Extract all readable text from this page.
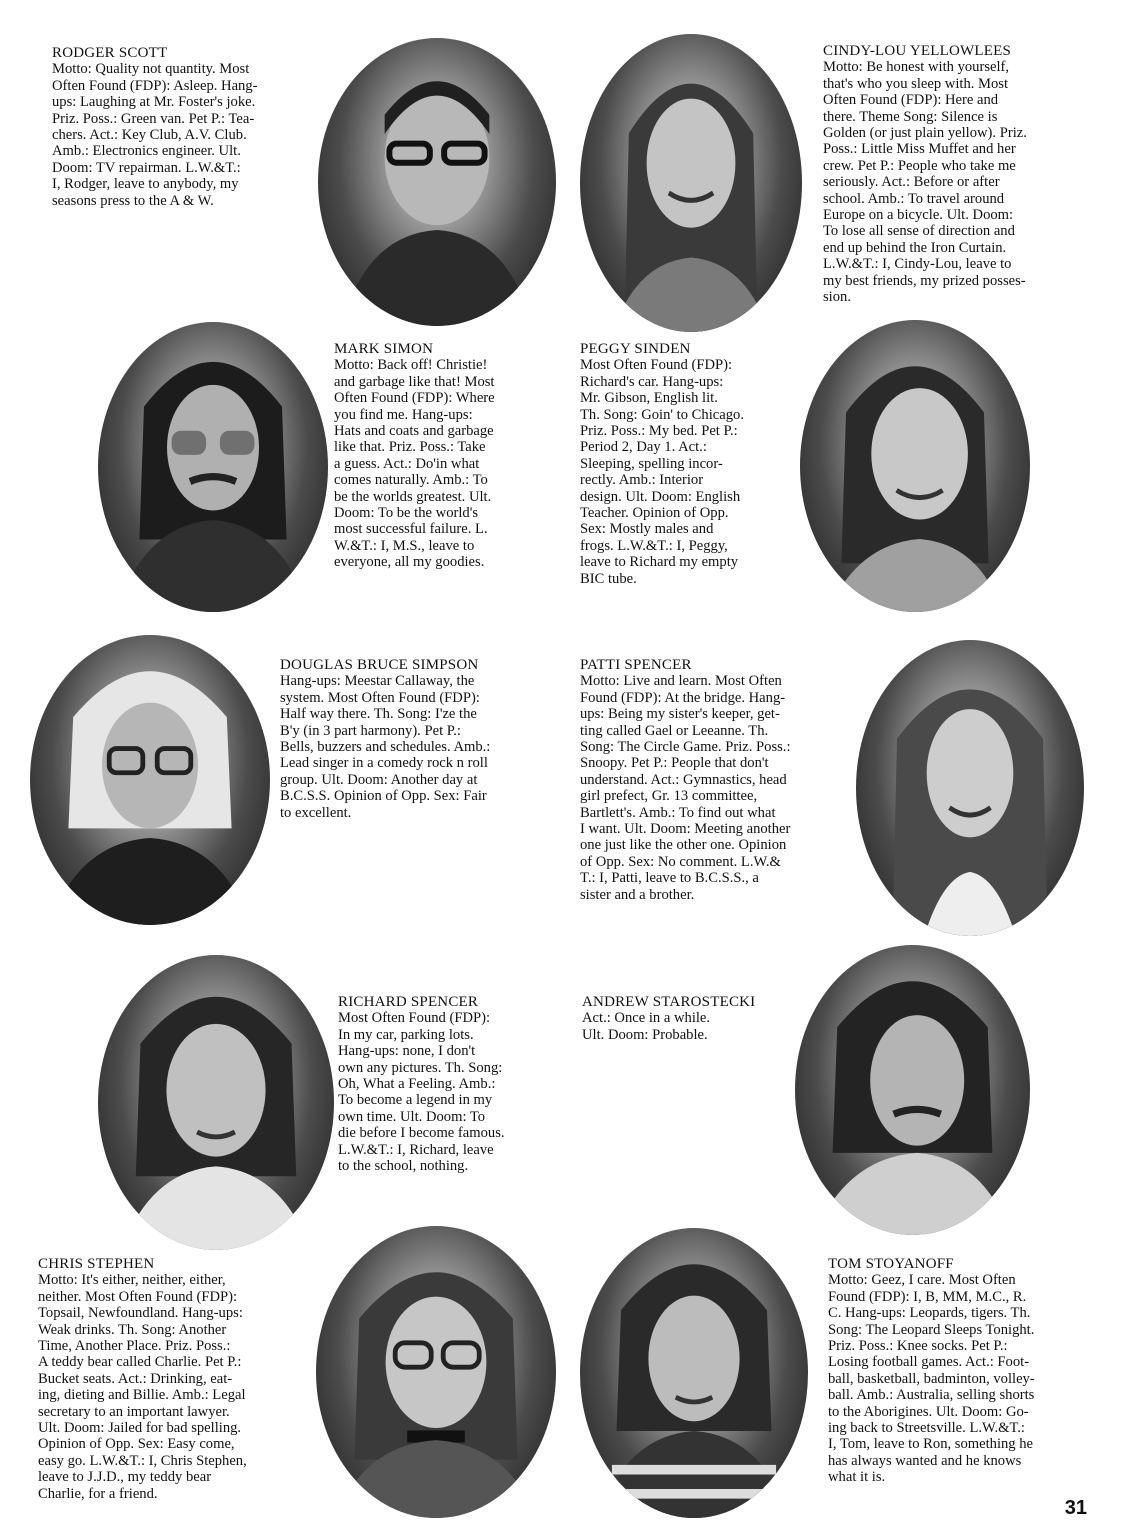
RODGER SCOTT
Motto: Quality not quantity. Most
Often Found (FDP): Asleep. Hang-
ups: Laughing at Mr. Foster's joke.
Priz. Poss.: Green van. Pet P.: Tea-
chers. Act.: Key Club, A.V. Club.
Amb.: Electronics engineer. Ult.
Doom: TV repairman. L.W.&T.:
I, Rodger, leave to anybody, my
seasons press to the A & W.
CINDY-LOU YELLOWLEES
Motto: Be honest with yourself,
that's who you sleep with. Most
Often Found (FDP): Here and
there. Theme Song: Silence is
Golden (or just plain yellow). Priz.
Poss.: Little Miss Muffet and her
crew. Pet P.: People who take me
seriously. Act.: Before or after
school. Amb.: To travel around
Europe on a bicycle. Ult. Doom:
To lose all sense of direction and
end up behind the Iron Curtain.
L.W.&T.: I, Cindy-Lou, leave to
my best friends, my prized posses-
sion.
MARK SIMON
Motto: Back off! Christie!
and garbage like that! Most
Often Found (FDP): Where
you find me. Hang-ups:
Hats and coats and garbage
like that. Priz. Poss.: Take
a guess. Act.: Do'in what
comes naturally. Amb.: To
be the worlds greatest. Ult.
Doom: To be the world's
most successful failure. L.
W.&T.: I, M.S., leave to
everyone, all my goodies.
PEGGY SINDEN
Most Often Found (FDP):
Richard's car. Hang-ups:
Mr. Gibson, English lit.
Th. Song: Goin' to Chicago.
Priz. Poss.: My bed. Pet P.:
Period 2, Day 1. Act.:
Sleeping, spelling incor-
rectly. Amb.: Interior
design. Ult. Doom: English
Teacher. Opinion of Opp.
Sex: Mostly males and
frogs. L.W.&T.: I, Peggy,
leave to Richard my empty
BIC tube.
DOUGLAS BRUCE SIMPSON
Hang-ups: Meestar Callaway, the
system. Most Often Found (FDP):
Half way there. Th. Song: I'ze the
B'y (in 3 part harmony). Pet P.:
Bells, buzzers and schedules. Amb.:
Lead singer in a comedy rock n roll
group. Ult. Doom: Another day at
B.C.S.S. Opinion of Opp. Sex: Fair
to excellent.
PATTI SPENCER
Motto: Live and learn. Most Often
Found (FDP): At the bridge. Hang-
ups: Being my sister's keeper, get-
ting called Gael or Leeanne. Th.
Song: The Circle Game. Priz. Poss.:
Snoopy. Pet P.: People that don't
understand. Act.: Gymnastics, head
girl prefect, Gr. 13 committee,
Bartlett's. Amb.: To find out what
I want. Ult. Doom: Meeting another
one just like the other one. Opinion
of Opp. Sex: No comment. L.W.&
T.: I, Patti, leave to B.C.S.S., a
sister and a brother.
RICHARD SPENCER
Most Often Found (FDP):
In my car, parking lots.
Hang-ups: none, I don't
own any pictures. Th. Song:
Oh, What a Feeling. Amb.:
To become a legend in my
own time. Ult. Doom: To
die before I become famous.
L.W.&T.: I, Richard, leave
to the school, nothing.
ANDREW STAROSTECKI
Act.: Once in a while.
Ult. Doom: Probable.
CHRIS STEPHEN
Motto: It's either, neither, either,
neither. Most Often Found (FDP):
Topsail, Newfoundland. Hang-ups:
Weak drinks. Th. Song: Another
Time, Another Place. Priz. Poss.:
A teddy bear called Charlie. Pet P.:
Bucket seats. Act.: Drinking, eat-
ing, dieting and Billie. Amb.: Legal
secretary to an important lawyer.
Ult. Doom: Jailed for bad spelling.
Opinion of Opp. Sex: Easy come,
easy go. L.W.&T.: I, Chris Stephen,
leave to J.J.D., my teddy bear
Charlie, for a friend.
TOM STOYANOFF
Motto: Geez, I care. Most Often
Found (FDP): I, B, MM, M.C., R.
C. Hang-ups: Leopards, tigers. Th.
Song: The Leopard Sleeps Tonight.
Priz. Poss.: Knee socks. Pet P.:
Losing football games. Act.: Foot-
ball, basketball, badminton, volley-
ball. Amb.: Australia, selling shorts
to the Aborigines. Ult. Doom: Go-
ing back to Streetsville. L.W.&T.:
I, Tom, leave to Ron, something he
has always wanted and he knows
what it is.
31
